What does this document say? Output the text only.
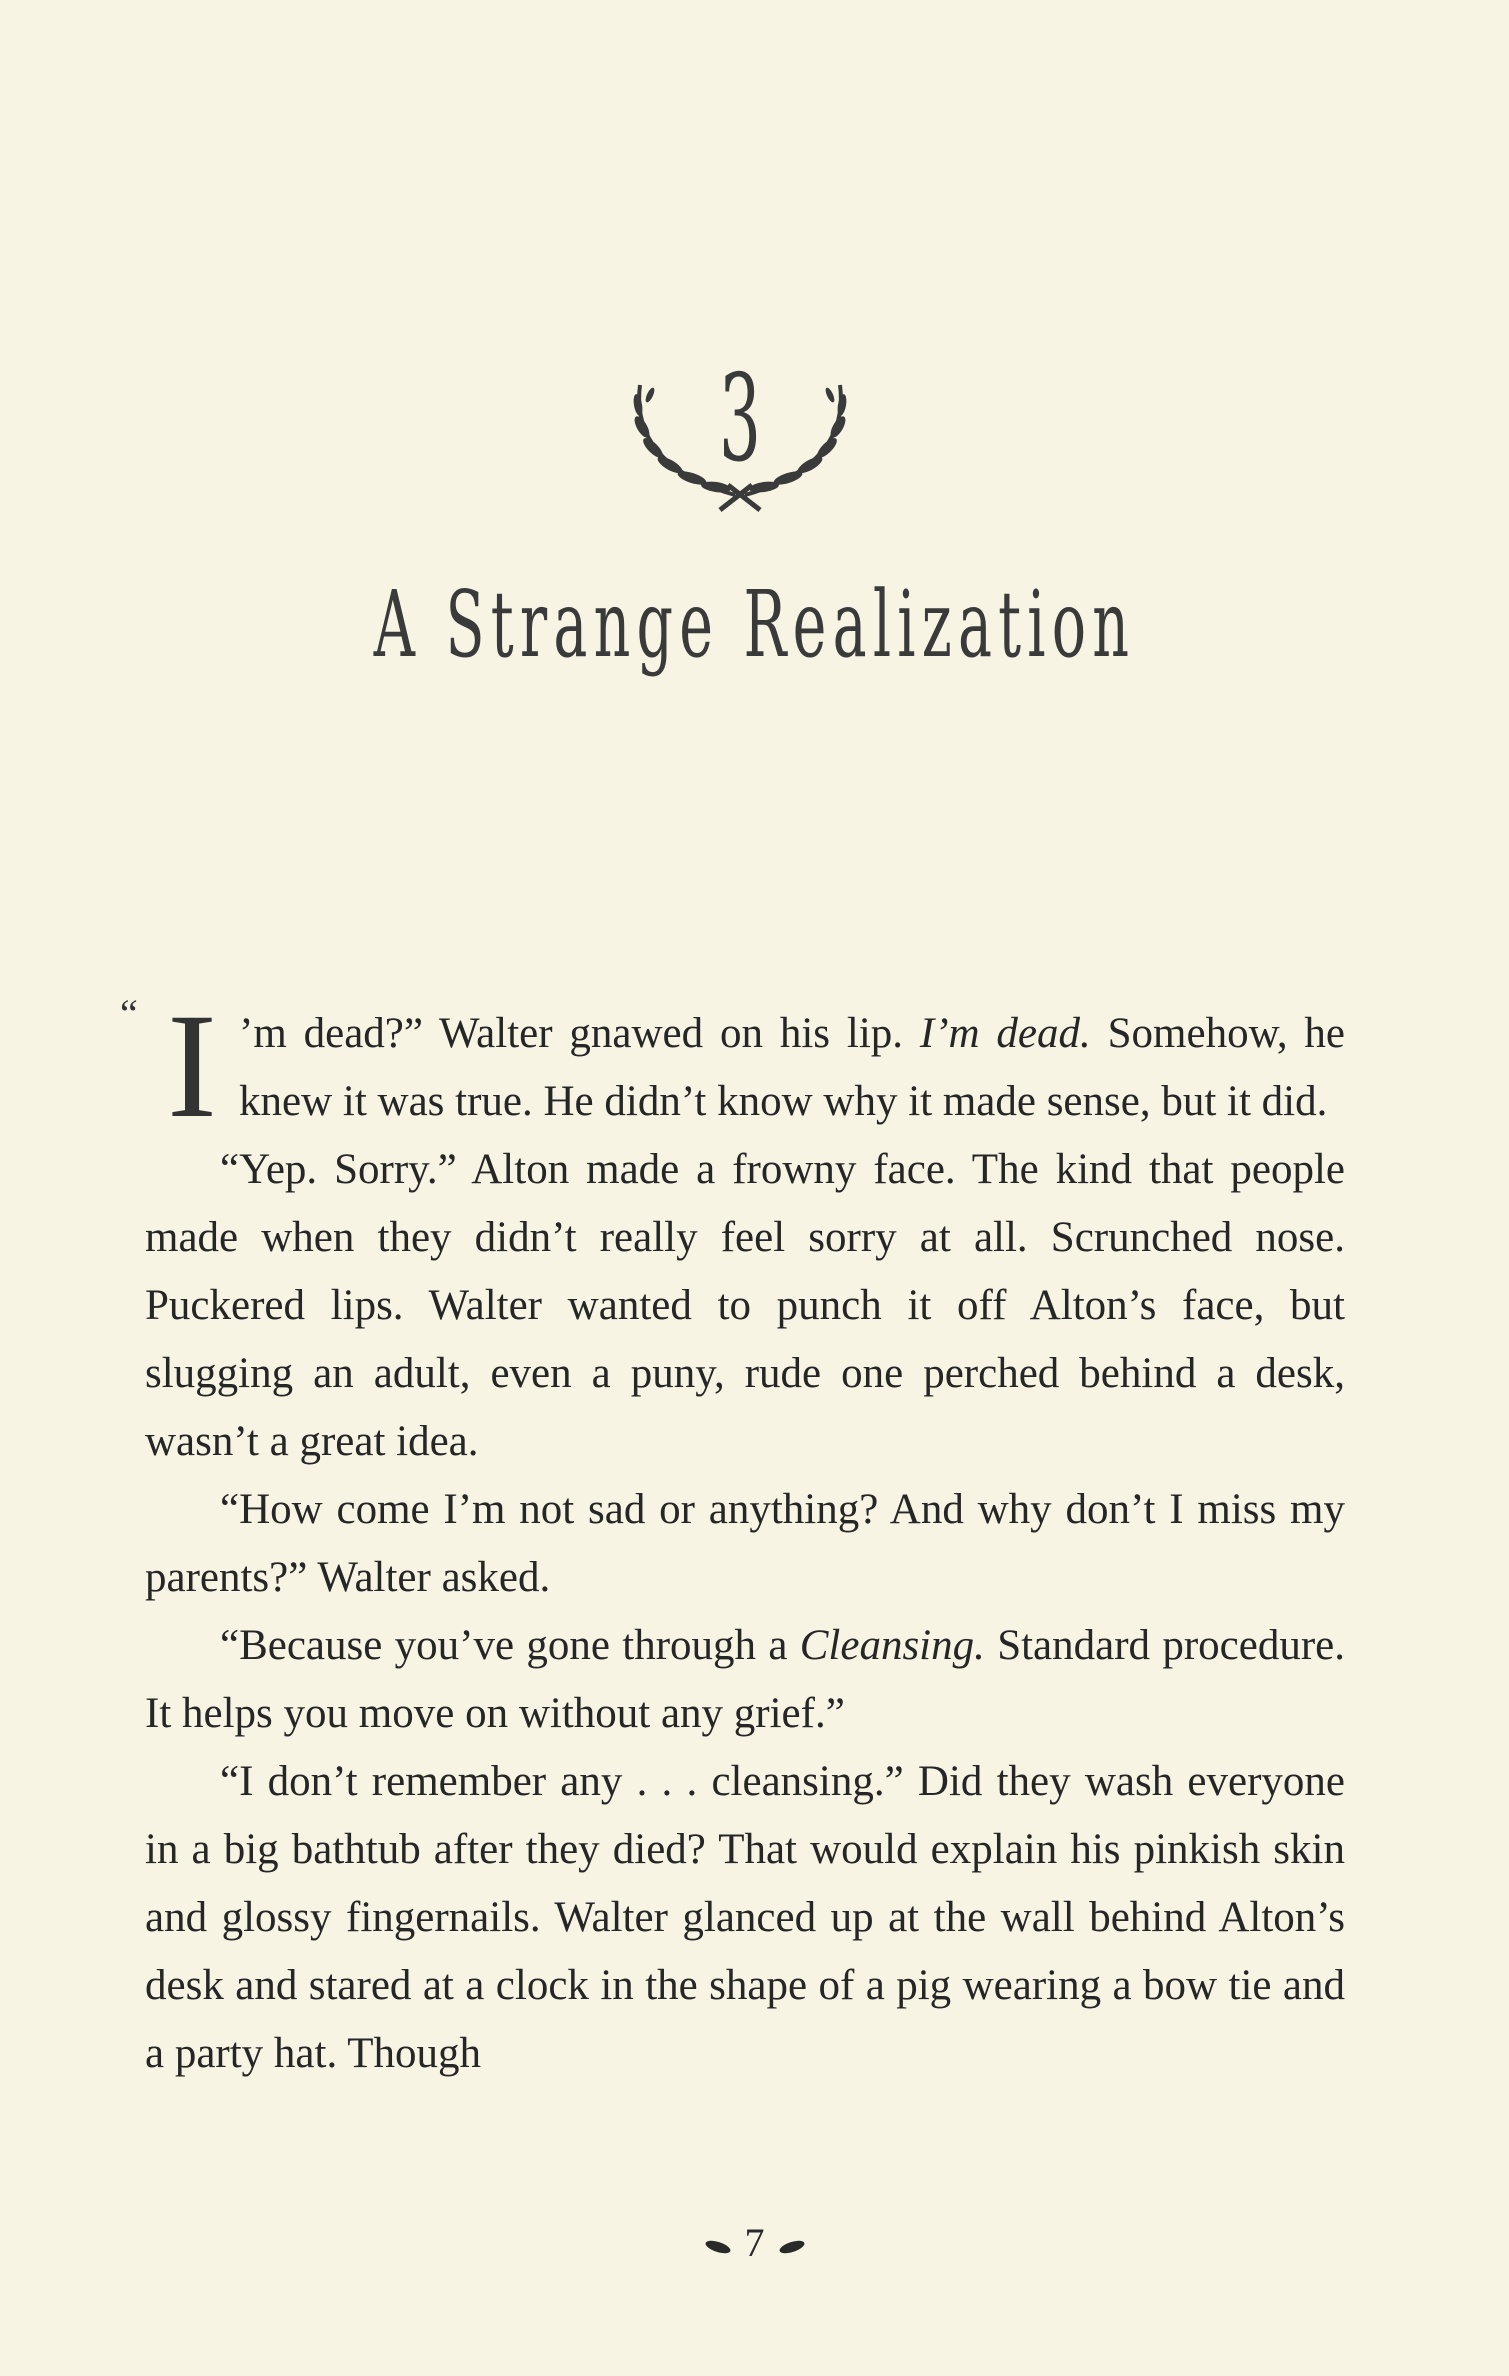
3
A Strange Realization

“ I ’m dead?” Walter gnawed on his lip. I’m dead. Somehow, he knew it was true. He didn’t know why it made sense, but it did.

“Yep. Sorry.” Alton made a frowny face. The kind that people made when they didn’t really feel sorry at all. Scrunched nose. Puckered lips. Walter wanted to punch it off Alton’s face, but slugging an adult, even a puny, rude one perched behind a desk, wasn’t a great idea.

“How come I’m not sad or anything? And why don’t I miss my parents?” Walter asked.

“Because you’ve gone through a Cleansing. Standard procedure. It helps you move on without any grief.”

“I don’t remember any . . . cleansing.” Did they wash everyone in a big bathtub after they died? That would explain his pinkish skin and glossy fingernails. Walter glanced up at the wall behind Alton’s desk and stared at a clock in the shape of a pig wearing a bow tie and a party hat. Though

7
